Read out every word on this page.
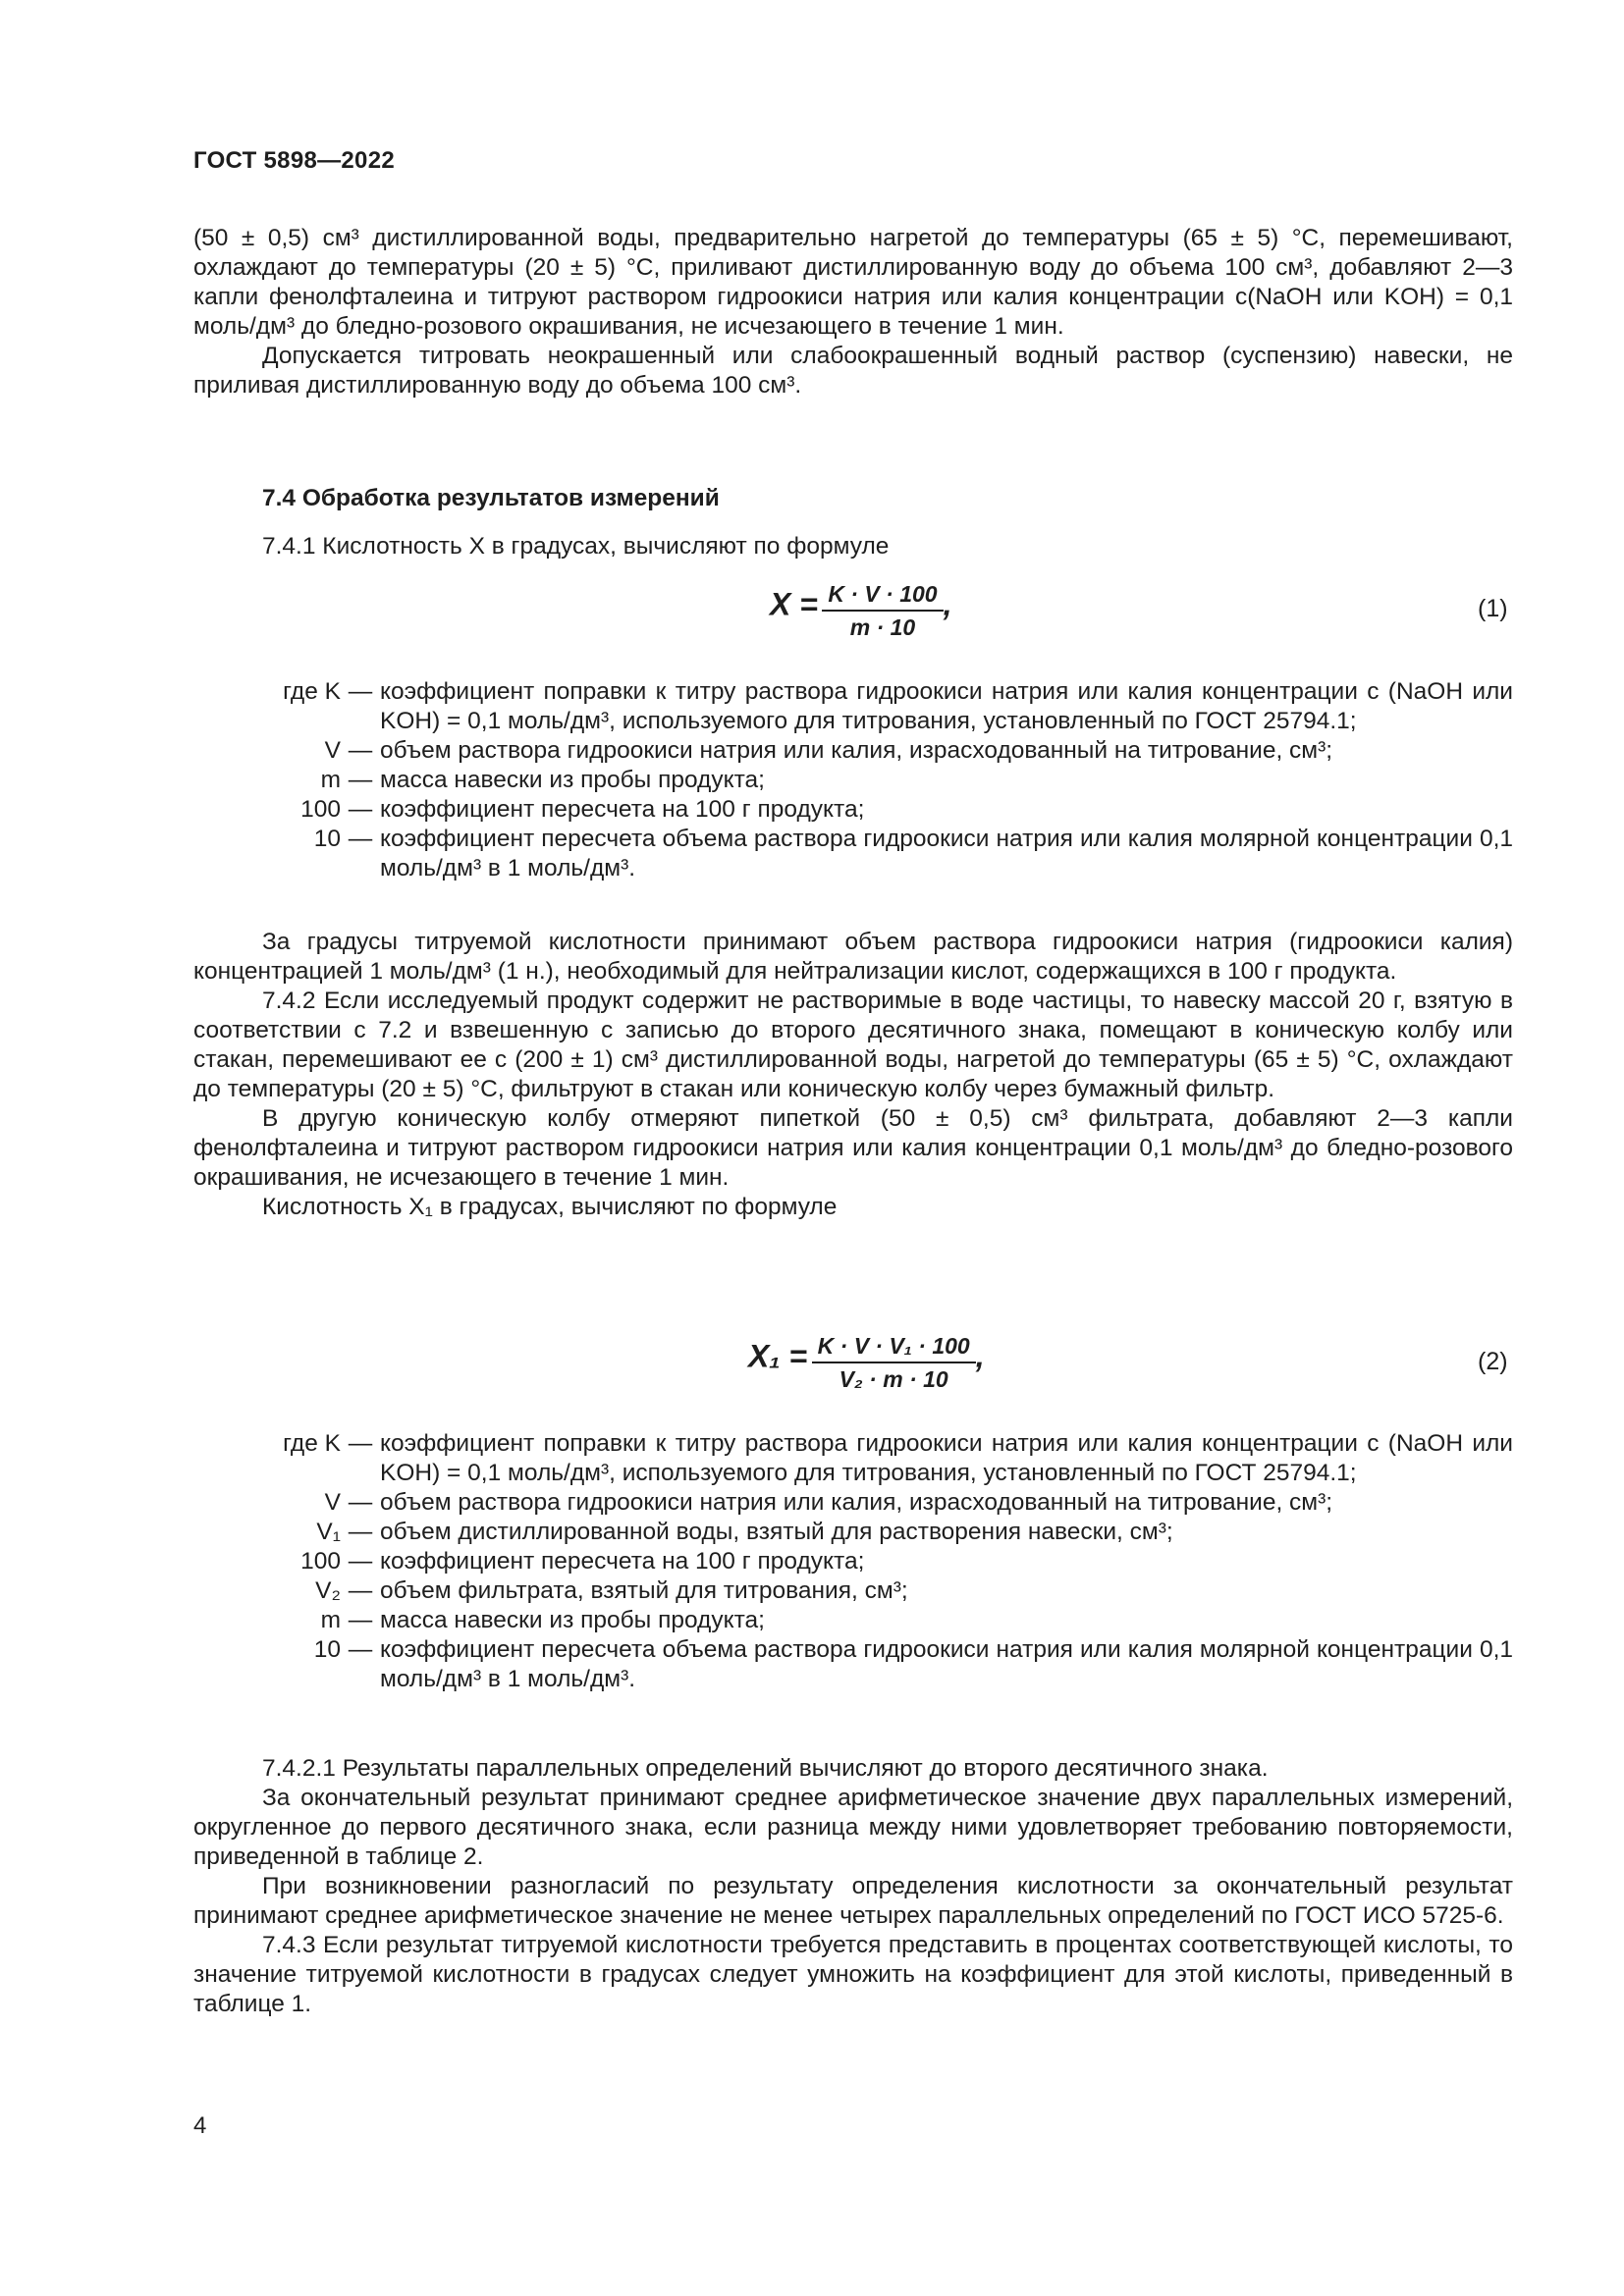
ГОСТ 5898—2022

(50 ± 0,5) см³ дистиллированной воды, предварительно нагретой до температуры (65 ± 5) °С, перемешивают, охлаждают до температуры (20 ± 5) °С, приливают дистиллированную воду до объема 100 см³, добавляют 2—3 капли фенолфталеина и титруют раствором гидроокиси натрия или калия концентрации c(NaOH или KOH) = 0,1 моль/дм³ до бледно-розового окрашивания, не исчезающего в течение 1 мин.

Допускается титровать неокрашенный или слабоокрашенный водный раствор (суспензию) навески, не приливая дистиллированную воду до объема 100 см³.

7.4 Обработка результатов измерений
7.4.1 Кислотность X в градусах, вычисляют по формуле
$X = \frac{K \cdot V \cdot 100}{m \cdot 10}$ ,	(1)
где K — коэффициент поправки к титру раствора гидроокиси натрия или калия концентрации c (NaOH или KOH) = 0,1 моль/дм³, используемого для титрования, установленный по ГОСТ 25794.1;
V — объем раствора гидроокиси натрия или калия, израсходованный на титрование, см³;
m — масса навески из пробы продукта;
100 — коэффициент пересчета на 100 г продукта;
10 — коэффициент пересчета объема раствора гидроокиси натрия или калия молярной концентрации 0,1 моль/дм³ в 1 моль/дм³.

За градусы титруемой кислотности принимают объем раствора гидроокиси натрия (гидроокиси калия) концентрацией 1 моль/дм³ (1 н.), необходимый для нейтрализации кислот, содержащихся в 100 г продукта.

7.4.2 Если исследуемый продукт содержит не растворимые в воде частицы, то навеску массой 20 г, взятую в соответствии с 7.2 и взвешенную с записью до второго десятичного знака, помещают в коническую колбу или стакан, перемешивают ее с (200 ± 1) см³ дистиллированной воды, нагретой до температуры (65 ± 5) °С, охлаждают до температуры (20 ± 5) °С, фильтруют в стакан или коническую колбу через бумажный фильтр.

В другую коническую колбу отмеряют пипеткой (50 ± 0,5) см³ фильтрата, добавляют 2—3 капли фенолфталеина и титруют раствором гидроокиси натрия или калия концентрации 0,1 моль/дм³ до бледно-розового окрашивания, не исчезающего в течение 1 мин.

Кислотность X₁ в градусах, вычисляют по формуле

$X_1 = \frac{\text{K · V · V₁ · 100}}{\text{V₂ · m · 10}}$ ,	(2)
где K — коэффициент поправки к титру раствора гидроокиси натрия или калия концентрации c (NaOH или KOH) = 0,1 моль/дм³, используемого для титрования, установленный по ГОСТ 25794.1;
V — объем раствора гидроокиси натрия или калия, израсходованный на титрование, см³;
V₁ — объем дистиллированной воды, взятый для растворения навески, см³;
100 — коэффициент пересчета на 100 г продукта;
V₂ — объем фильтрата, взятый для титрования, см³;
m — масса навески из пробы продукта;
10 — коэффициент пересчета объема раствора гидроокиси натрия или калия молярной концентрации 0,1 моль/дм³ в 1 моль/дм³.

7.4.2.1 Результаты параллельных определений вычисляют до второго десятичного знака.

За окончательный результат принимают среднее арифметическое значение двух параллельных измерений, округленное до первого десятичного знака, если разница между ними удовлетворяет требованию повторяемости, приведенной в таблице 2.

При возникновении разногласий по результату определения кислотности за окончательный результат принимают среднее арифметическое значение не менее четырех параллельных определений по ГОСТ ИСО 5725-6.

7.4.3 Если результат титруемой кислотности требуется представить в процентах соответствующей кислоты, то значение титруемой кислотности в градусах следует умножить на коэффициент для этой кислоты, приведенный в таблице 1.

4
